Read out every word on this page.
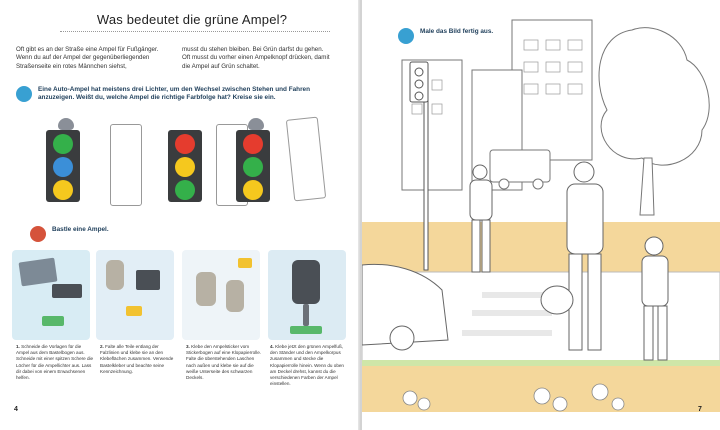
Was bedeutet die grüne Ampel?
Oft gibt es an der Straße eine Ampel für Fußgänger. Wenn du auf der Ampel der gegenüberliegenden Straßenseite ein rotes Männchen siehst,
musst du stehen bleiben. Bei Grün darfst du gehen. Oft musst du vorher einen Ampelknopf drücken, damit die Ampel auf Grün schaltet.
Eine Auto-Ampel hat meistens drei Lichter, um den Wechsel zwischen Stehen und Fahren anzuzeigen. Weißt du, welche Ampel die richtige Farbfolge hat? Kreise sie ein.
Bastle eine Ampel.
1. Schneide die Vorlagen für die Ampel aus dem Bastelbogen aus. Schneide mit einer spitzen Schere die Löcher für die Ampellichter aus. Lass dir dabei von einem Erwachsenen helfen.
2. Falte alle Teile entlang der Falzlinien und klebe sie an den Klebeflächen zusammen. Verwende Bastelkleber und beachte seine Kennzeichnung.
3. Klebe den Ampelsticker vom Stickerbogen auf eine Klopapierrolle. Falte die überstehenden Laschen nach außen und klebe sie auf die weiße Unterseite des schwarzen Deckels.
4. Klebe jetzt den grünen Ampelfuß, den Ständer und den Ampelkorpus zusammen und stecke die Klopapierrolle hinein. Wenn du oben am Deckel drehst, kannst du die verschiedenen Farben der Ampel einstellen.
4
Male das Bild fertig aus.
7
